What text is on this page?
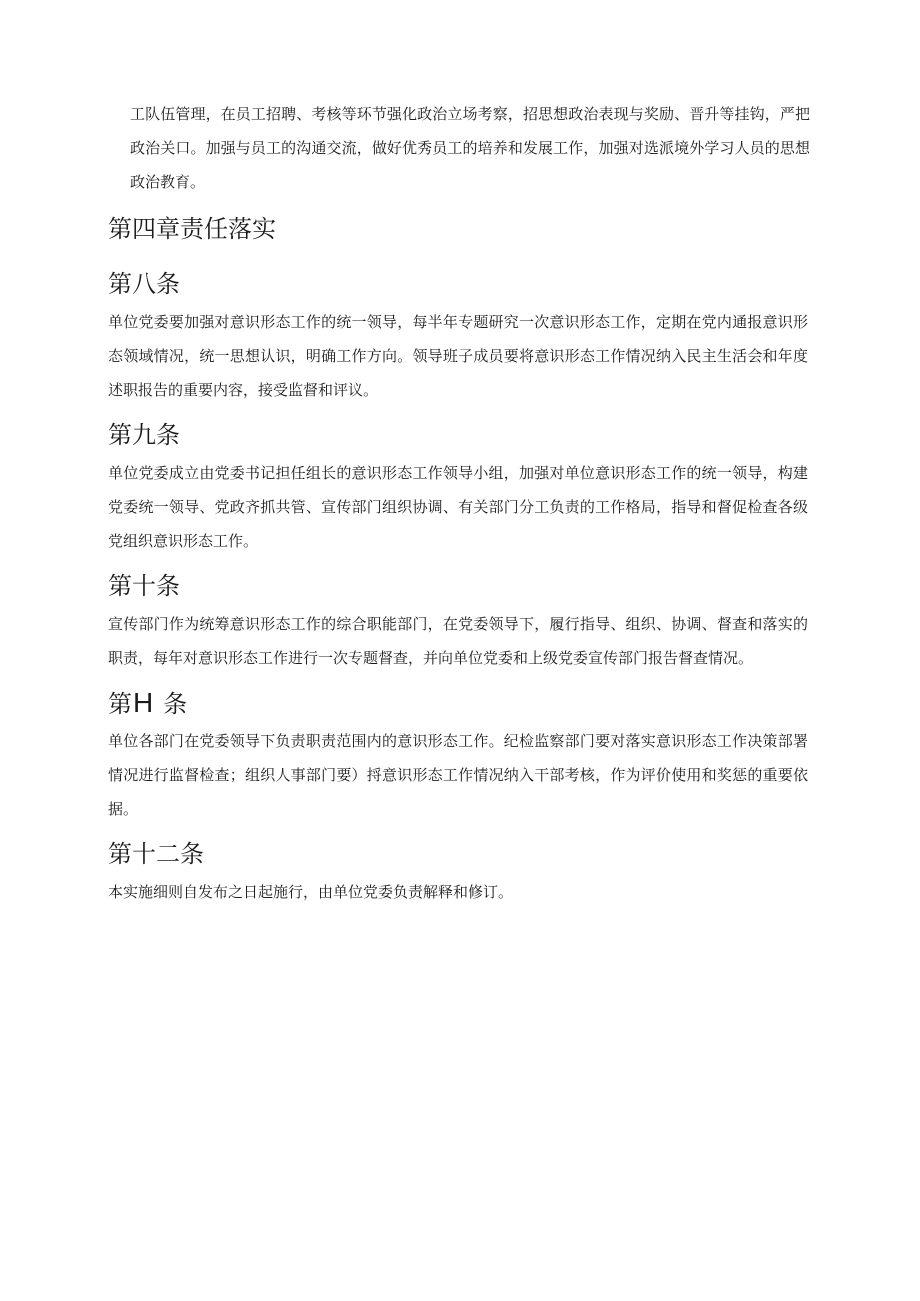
工队伍管理，在员工招聘、考核等环节强化政治立场考察，招思想政治表现与奖励、晋升等挂钩，严把政治关口。加强与员工的沟通交流，做好优秀员工的培养和发展工作，加强对选派境外学习人员的思想政治教育。

第四章责任落实
第八条

单位党委要加强对意识形态工作的统一领导，每半年专题研究一次意识形态工作，定期在党内通报意识形态领域情况，统一思想认识，明确工作方向。领导班子成员要将意识形态工作情况纳入民主生活会和年度述职报告的重要内容，接受监督和评议。

第九条

单位党委成立由党委书记担任组长的意识形态工作领导小组，加强对单位意识形态工作的统一领导，构建党委统一领导、党政齐抓共管、宣传部门组织协调、有关部门分工负责的工作格局，指导和督促检查各级党组织意识形态工作。

第十条

宣传部门作为统筹意识形态工作的综合职能部门，在党委领导下，履行指导、组织、协调、督查和落实的职责，每年对意识形态工作进行一次专题督查，并向单位党委和上级党委宣传部门报告督查情况。

第H 条

单位各部门在党委领导下负责职责范围内的意识形态工作。纪检监察部门要对落实意识形态工作决策部署情况进行监督检查；组织人事部门要）捋意识形态工作情况纳入干部考核，作为评价使用和奖惩的重要依据。

第十二条

本实施细则自发布之日起施行，由单位党委负责解释和修订。
